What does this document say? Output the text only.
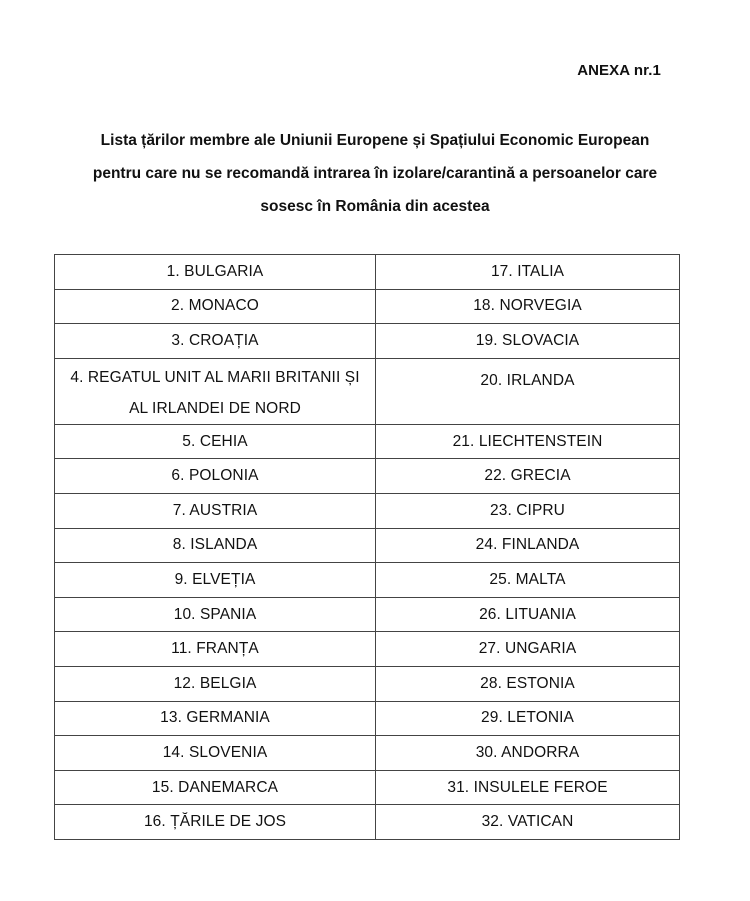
ANEXA nr.1
Lista țărilor membre ale Uniunii Europene și Spațiului Economic European
pentru care nu se recomandă intrarea în izolare/carantină a persoanelor care
sosesc în România din acestea
1. BULGARIA	17. ITALIA
2. MONACO	18. NORVEGIA
3. CROAȚIA	19. SLOVACIA
4. REGATUL UNIT AL MARII BRITANII ȘI AL IRLANDEI DE NORD	20. IRLANDA
5. CEHIA	21. LIECHTENSTEIN
6. POLONIA	22. GRECIA
7. AUSTRIA	23. CIPRU
8. ISLANDA	24. FINLANDA
9. ELVEȚIA	25. MALTA
10. SPANIA	26. LITUANIA
11. FRANȚA	27. UNGARIA
12. BELGIA	28. ESTONIA
13. GERMANIA	29. LETONIA
14. SLOVENIA	30. ANDORRA
15. DANEMARCA	31. INSULELE FEROE
16. ȚĂRILE DE JOS	32. VATICAN
